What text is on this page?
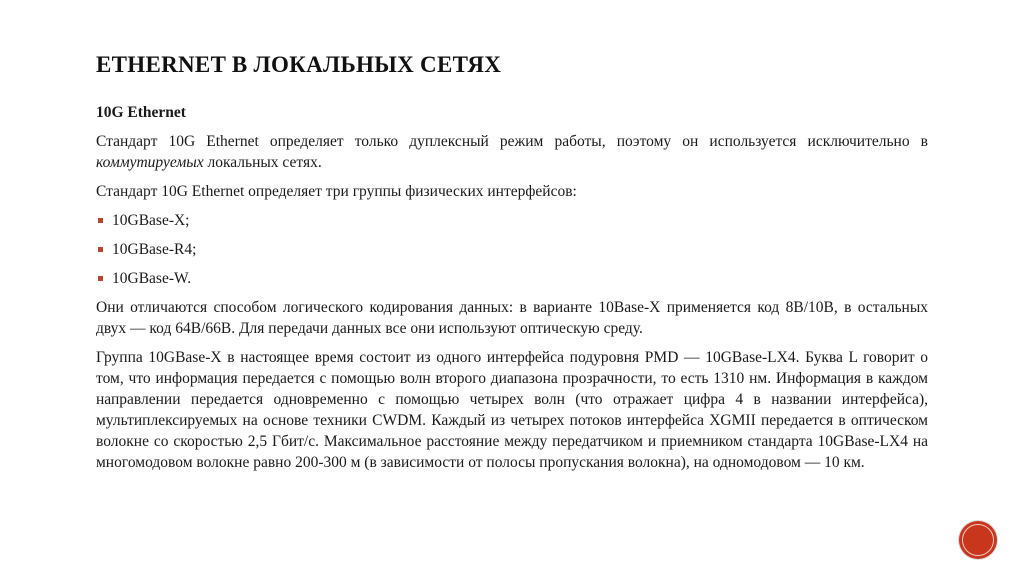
ETHERNET В ЛОКАЛЬНЫХ СЕТЯХ

10G Ethernet

Стандарт 10G Ethernet определяет только дуплексный режим работы, поэтому он используется исключительно в коммутируемых локальных сетях.

Стандарт 10G Ethernet определяет три группы физических интерфейсов:

10GBase-X;
10GBase-R4;
10GBase-W.

Они отличаются способом логического кодирования данных: в варианте 10Base-X применяется код 8B/10B, в остальных двух — код 64B/66B. Для передачи данных все они используют оптическую среду.

Группа 10GBase-X в настоящее время состоит из одного интерфейса подуровня PMD — 10GBase-LX4. Буква L говорит о том, что информация передается с помощью волн второго диапазона прозрачности, то есть 1310 нм. Информация в каждом направлении передается одновременно с помощью четырех волн (что отражает цифра 4 в названии интерфейса), мультиплексируемых на основе техники CWDM. Каждый из четырех потоков интерфейса XGMII передается в оптическом волокне со скоростью 2,5 Гбит/с. Максимальное расстояние между передатчиком и приемником стандарта 10GBase-LX4 на многомодовом волокне равно 200-300 м (в зависимости от полосы пропускания волокна), на одномодовом — 10 км.
